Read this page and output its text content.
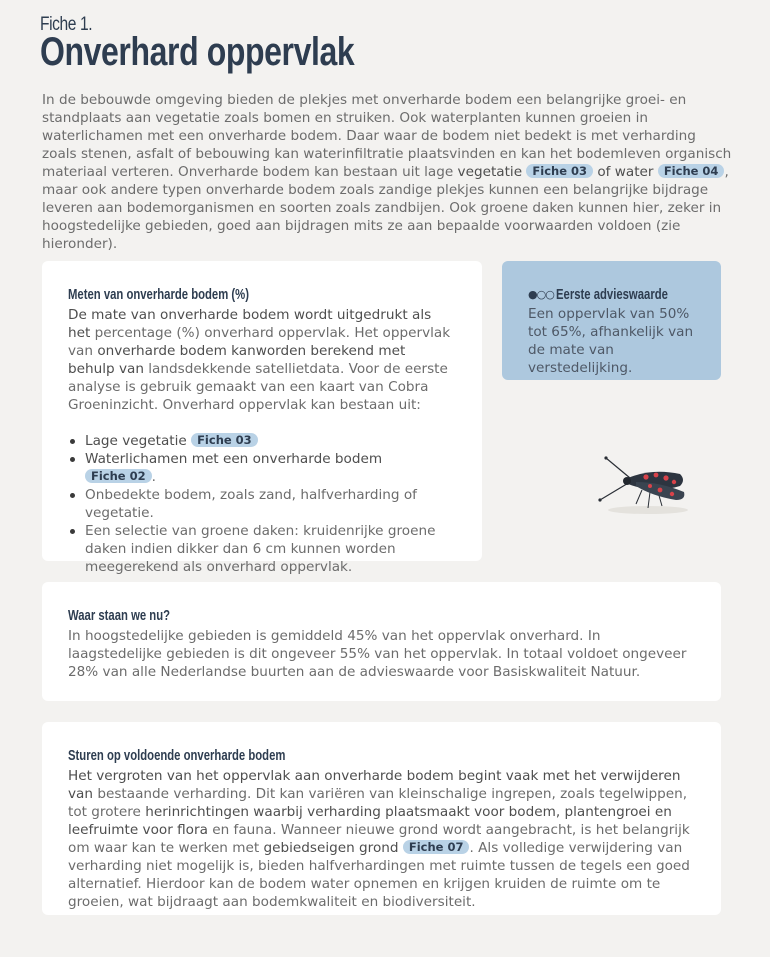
Fiche 1.
Onverhard oppervlak

In de bebouwde omgeving bieden de plekjes met onverharde bodem een belangrijke groei- en standplaats aan vegetatie zoals bomen en struiken. Ook waterplanten kunnen groeien in waterlichamen met een onverharde bodem. Daar waar de bodem niet bedekt is met verharding zoals stenen, asfalt of bebouwing kan waterinfiltratie plaatsvinden en kan het bodemleven organisch materiaal verteren. Onverharde bodem kan bestaan uit lage vegetatie Fiche 03 of water Fiche 04 , maar ook andere typen onverharde bodem zoals zandige plekjes kunnen een belangrijke bijdrage leveren aan bodemorganismen en soorten zoals zandbijen. Ook groene daken kunnen hier, zeker in hoogstedelijke gebieden, goed aan bijdragen mits ze aan bepaalde voorwaarden voldoen (zie hieronder).

Meten van onverharde bodem (%)

De mate van onverharde bodem wordt uitgedrukt als het percentage (%) onverhard oppervlak. Het oppervlak van onverharde bodem kanworden berekend met behulp van landsdekkende satellietdata. Voor de eerste analyse is gebruik gemaakt van een kaart van Cobra Groeninzicht. Onverhard oppervlak kan bestaan uit:

Lage vegetatie Fiche 03
Waterlichamen met een onverharde bodem Fiche 02 .
Onbedekte bodem, zoals zand, halfverharding of vegetatie.
Een selectie van groene daken: kruidenrijke groene daken indien dikker dan 6 cm kunnen worden meegerekend als onverhard oppervlak.
●○○ Eerste advieswaarde

Een oppervlak van 50% tot 65%, afhankelijk van de mate van verstedelijking.

Waar staan we nu?

In hoogstedelijke gebieden is gemiddeld 45% van het oppervlak onverhard. In laagstedelijke gebieden is dit ongeveer 55% van het oppervlak. In totaal voldoet ongeveer 28% van alle Nederlandse buurten aan de advieswaarde voor Basiskwaliteit Natuur.

Sturen op voldoende onverharde bodem

Het vergroten van het oppervlak aan onverharde bodem begint vaak met het verwijderen van bestaande verharding. Dit kan variëren van kleinschalige ingrepen, zoals tegelwippen, tot grotere herinrichtingen waarbij verharding plaatsmaakt voor bodem, plantengroei en leefruimte voor flora en fauna. Wanneer nieuwe grond wordt aangebracht, is het belangrijk om waar kan te werken met gebiedseigen grond Fiche 07 . Als volledige verwijdering van verharding niet mogelijk is, bieden halfverhardingen met ruimte tussen de tegels een goed alternatief. Hierdoor kan de bodem water opnemen en krijgen kruiden de ruimte om te groeien, wat bijdraagt aan bodemkwaliteit en biodiversiteit.
